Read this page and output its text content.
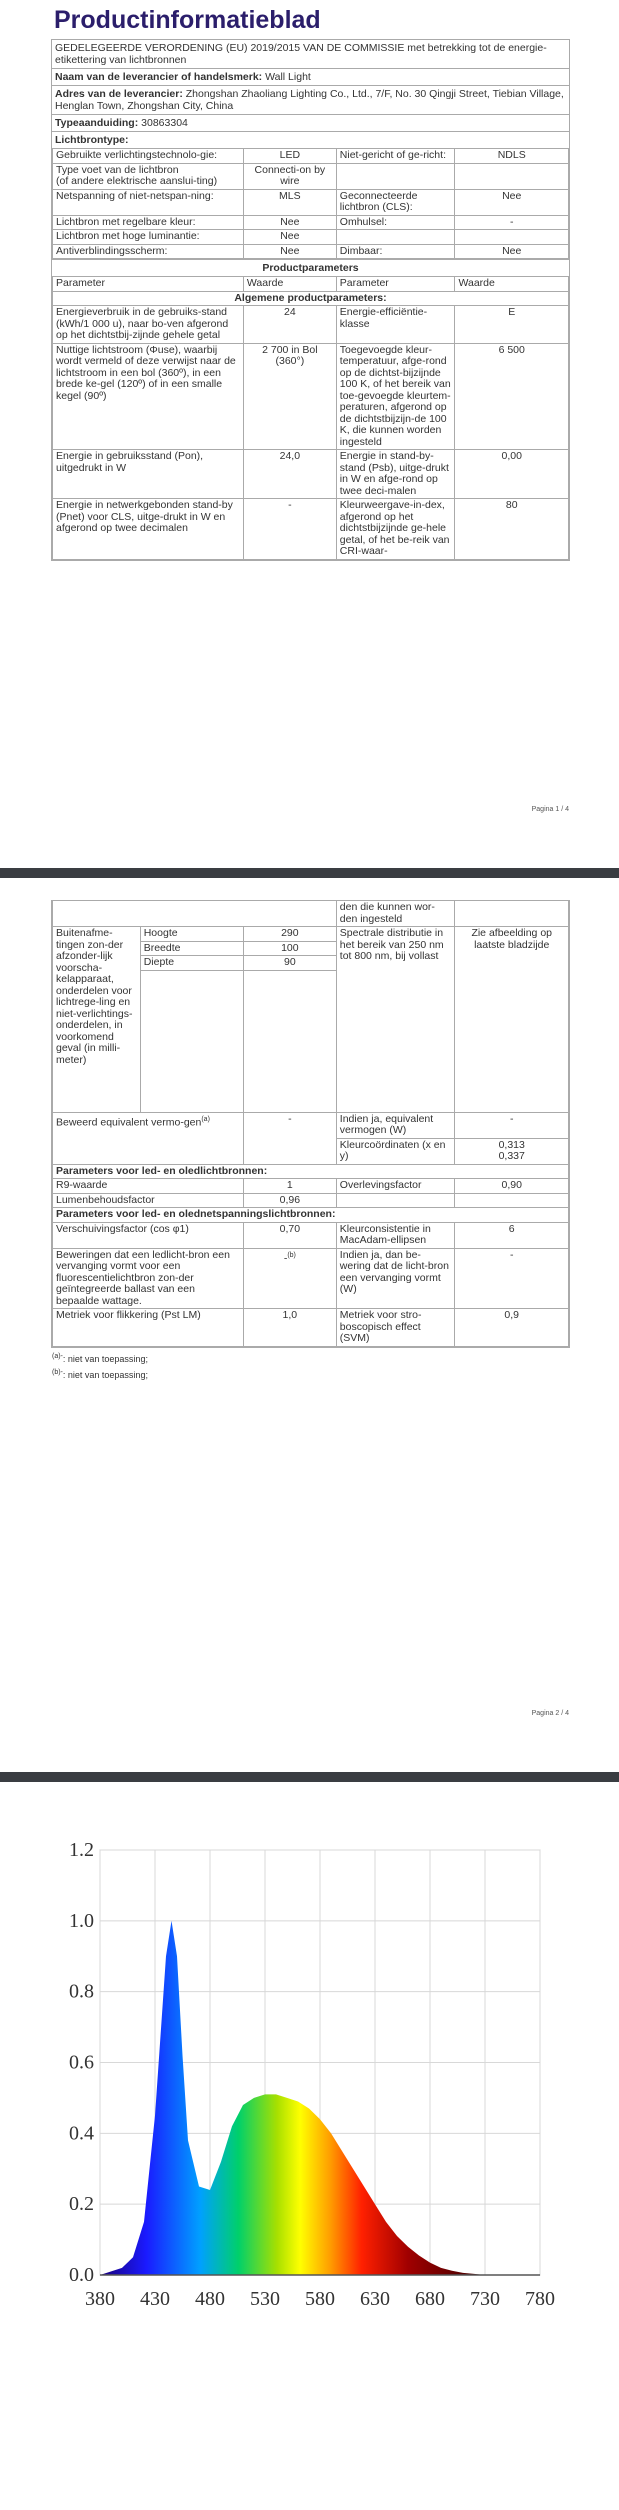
Productinformatieblad
GEDELEGEERDE VERORDENING (EU) 2019/2015 VAN DE COMMISSIE met betrekking tot de energie-etikettering van lichtbronnen
Naam van de leverancier of handelsmerk: Wall Light
Adres van de leverancier: Zhongshan Zhaoliang Lighting Co., Ltd., 7/F, No. 30 Qingji Street, Tiebian Village, Henglan Town, Zhongshan City, China
Typeaanduiding: 30863304
Lichtbrontype:
Gebruikte verlichtingstechnolo-gie:	LED	Niet-gericht of ge-richt:	NDLS
Type voet van de lichtbron
(of andere elektrische aanslui-ting)	Connecti-on by wire		
Netspanning of niet-netspan-ning:	MLS	Geconnecteerde lichtbron (CLS):	Nee
Lichtbron met regelbare kleur:	Nee	Omhulsel:	-
Lichtbron met hoge luminantie:	Nee		
Antiverblindingsscherm:	Nee	Dimbaar:	Nee
Productparameters
Parameter	Waarde	Parameter	Waarde
Algemene productparameters:			
Energieverbruik in de gebruiks-stand (kWh/1 000 u), naar bo-ven afgerond op het dichtstbij-zijnde gehele getal	24	Energie-efficiëntie-klasse	E
Nuttige lichtstroom (Φuse), waarbij wordt vermeld of deze verwijst naar de lichtstroom in een bol (360º), in een brede ke-gel (120º) of in een smalle kegel (90º)	2 700 in Bol (360°)	Toegevoegde kleur-temperatuur, afge-rond op de dichtst-bijzijnde 100 K, of het bereik van toe-gevoegde kleurtem-peraturen, afgerond op de dichtstbijzijn-de 100 K, die kunnen worden ingesteld	6 500
Energie in gebruiksstand (Pon), uitgedrukt in W	24,0	Energie in stand-by-stand (Psb), uitge-drukt in W en afge-rond op twee deci-malen	0,00
Energie in netwerkgebonden stand-by (Pnet) voor CLS, uitge-drukt in W en afgerond op twee decimalen	-	Kleurweergave-in-dex, afgerond op het dichtstbijzijnde ge-hele getal, of het be-reik van CRI-waar-	80
Pagina 1 / 4
			den die kunnen wor-den ingesteld	
Buitenafme-tingen zon-der afzonder-lijk voorscha-kelapparaat, onderdelen voor lichtrege-ling en niet-verlichtings-onderdelen, in voorkomend geval (in milli-meter)	Hoogte	290	Spectrale distributie in het bereik van 250 nm tot 800 nm, bij vollast	Zie afbeelding op laatste bladzijde
	Breedte	100		
	Diepte	90		

Beweerd equivalent vermo-gen$^{(a)}$		-	Indien ja, equivalent vermogen (W)	-
			Kleurcoördinaten (x en y)	0,313
0,337
Parameters voor led- en oledlichtbronnen:				
R9-waarde		1	Overlevingsfactor	0,90
Lumenbehoudsfactor		0,96		
Parameters voor led- en olednetspanningslichtbronnen:				
Verschuivingsfactor (cos φ1)		0,70	Kleurconsistentie in MacAdam-ellipsen	6
Beweringen dat een ledlicht-bron een vervanging vormt voor een fluorescentielichtbron zon-der geïntegreerde ballast van een bepaalde wattage.		-$^{(b)}$	Indien ja, dan be-wering dat de licht-bron een vervanging vormt (W)	-
Metriek voor flikkering (Pst LM)		1,0	Metriek voor stro-boscopisch effect (SVM)	0,9
$^{(a)-}$: niet van toepassing;
$^{(b)-}$: niet van toepassing;
Pagina 2 / 4
0.0
0.2
0.4
0.6
0.8
1.0
1.2
380 430 480 530 580 630 680 730 780
